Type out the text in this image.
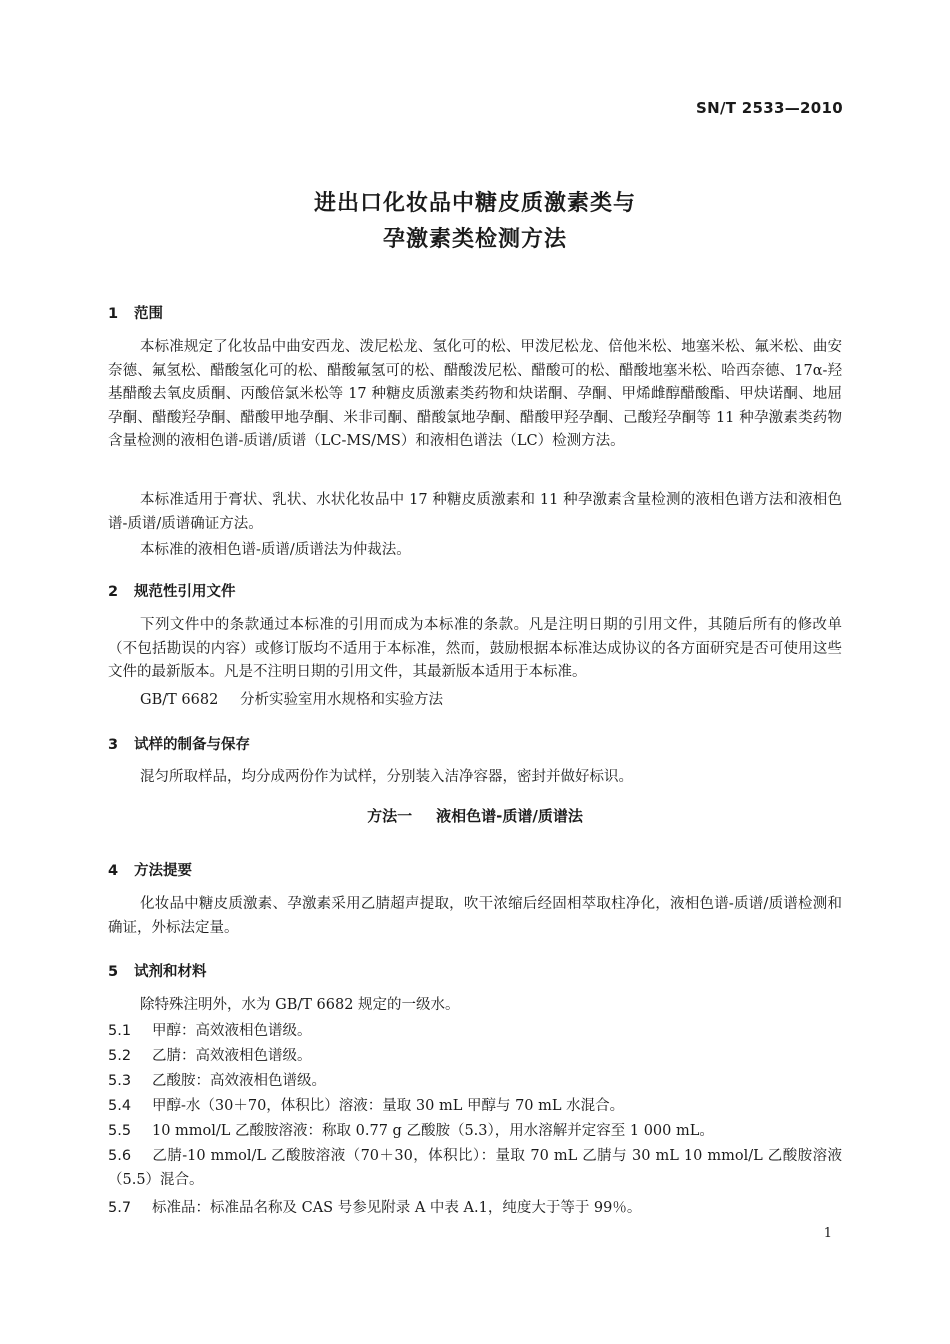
SN/T 2533—2010
进出口化妆品中糖皮质激素类与
孕激素类检测方法
1 范围
本标准规定了化妆品中曲安西龙、泼尼松龙、氢化可的松、甲泼尼松龙、倍他米松、地塞米松、氟米松、曲安奈德、氟氢松、醋酸氢化可的松、醋酸氟氢可的松、醋酸泼尼松、醋酸可的松、醋酸地塞米松、哈西奈德、17α-羟基醋酸去氧皮质酮、丙酸倍氯米松等 17 种糖皮质激素类药物和炔诺酮、孕酮、甲烯雌醇醋酸酯、甲炔诺酮、地屈孕酮、醋酸羟孕酮、醋酸甲地孕酮、米非司酮、醋酸氯地孕酮、醋酸甲羟孕酮、己酸羟孕酮等 11 种孕激素类药物含量检测的液相色谱-质谱/质谱（LC-MS/MS）和液相色谱法（LC）检测方法。
本标准适用于膏状、乳状、水状化妆品中 17 种糖皮质激素和 11 种孕激素含量检测的液相色谱方法和液相色谱-质谱/质谱确证方法。
本标准的液相色谱-质谱/质谱法为仲裁法。
2 规范性引用文件
下列文件中的条款通过本标准的引用而成为本标准的条款。凡是注明日期的引用文件，其随后所有的修改单（不包括勘误的内容）或修订版均不适用于本标准，然而，鼓励根据本标准达成协议的各方面研究是否可使用这些文件的最新版本。凡是不注明日期的引用文件，其最新版本适用于本标准。
GB/T 6682 分析实验室用水规格和实验方法
3 试样的制备与保存
混匀所取样品，均分成两份作为试样，分别装入洁净容器，密封并做好标识。
方法一 液相色谱-质谱/质谱法
4 方法提要
化妆品中糖皮质激素、孕激素采用乙腈超声提取，吹干浓缩后经固相萃取柱净化，液相色谱-质谱/质谱检测和确证，外标法定量。
5 试剂和材料
除特殊注明外，水为 GB/T 6682 规定的一级水。
5.1 甲醇：高效液相色谱级。
5.2 乙腈：高效液相色谱级。
5.3 乙酸胺：高效液相色谱级。
5.4 甲醇-水（30＋70，体积比）溶液：量取 30 mL 甲醇与 70 mL 水混合。
5.5 10 mmol/L 乙酸胺溶液：称取 0.77 g 乙酸胺（5.3），用水溶解并定容至 1 000 mL。
5.6 乙腈-10 mmol/L 乙酸胺溶液（70＋30，体积比）：量取 70 mL 乙腈与 30 mL 10 mmol/L 乙酸胺溶液（5.5）混合。
5.7 标准品：标准品名称及 CAS 号参见附录 A 中表 A.1，纯度大于等于 99％。
1
